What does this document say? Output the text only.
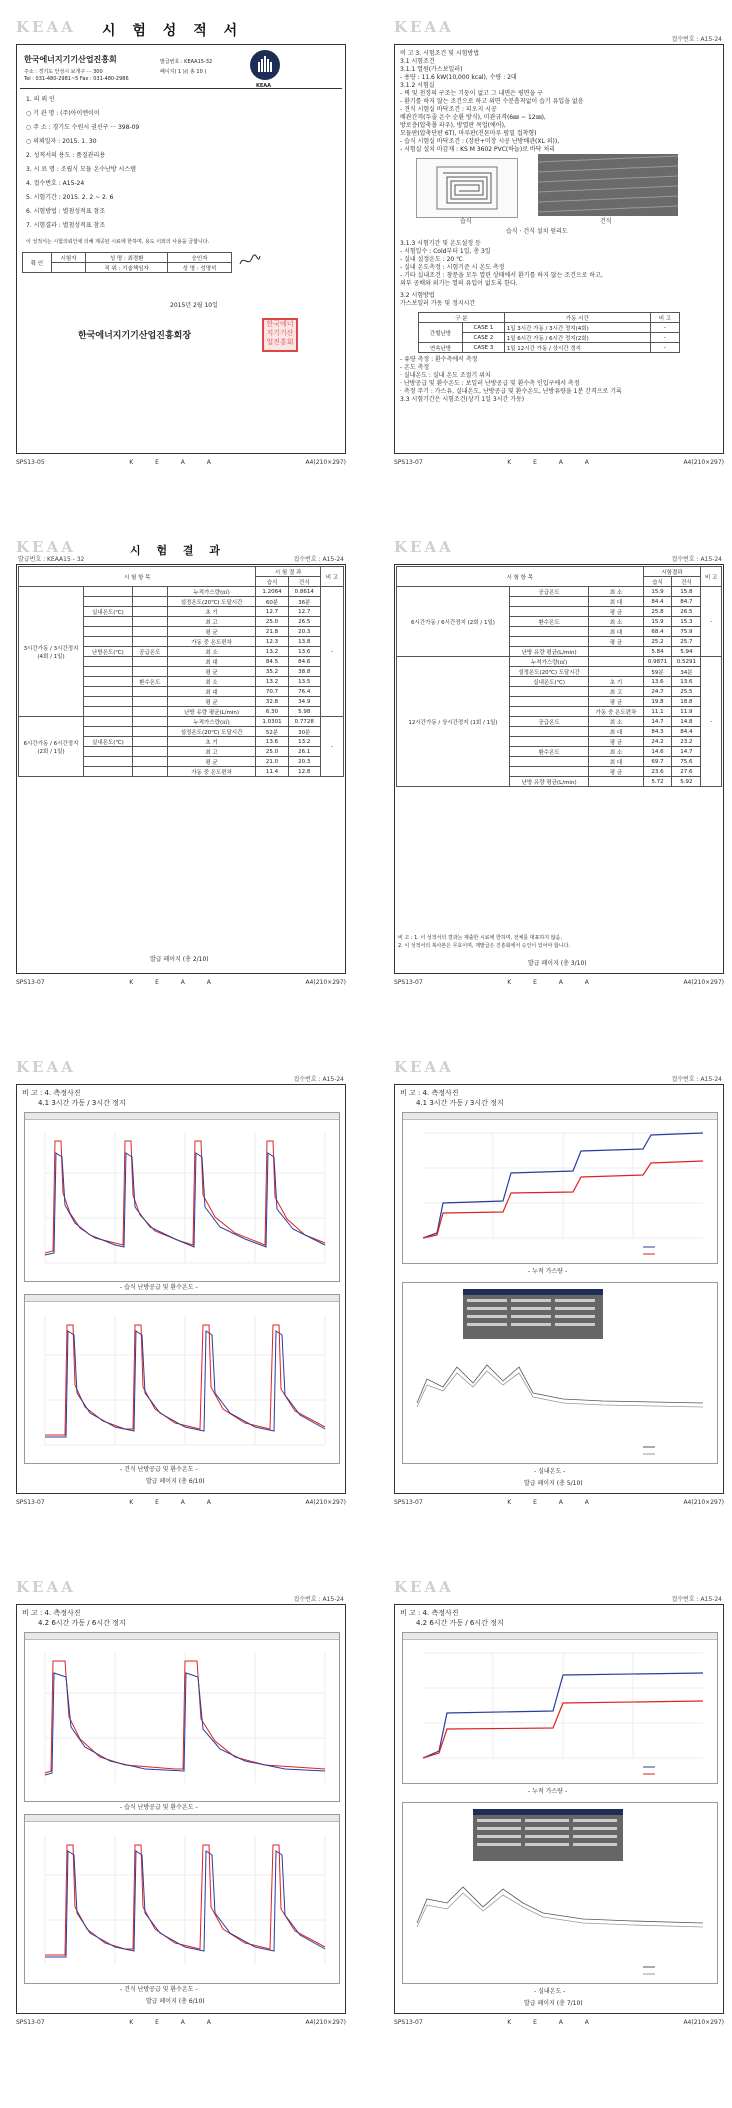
KEAA 시 험 성 적 서
한국에너지기기산업진흥회
주소 : 경기도 안성시 보개구 ··· 300
Tel : 031-480-2981~5 Fax : 031-480-2986
발급번호 : KEAA15-32
페이지( 1 )/( 총 10 )
KEAA
1. 의 뢰 인
○ 기 관 명 : (주)아이엔이이
○ 주 소 : 경기도 수원시 권선구 ··· 398-09
○ 의뢰일자 : 2015. 1. 30
2. 성적서의 용도 : 품질관리용
3. 시 료 명 : 조립식 모듈 온수난방 시스템
4. 접수번호 : A15-24
5. 시험기간 : 2015. 2. 2 ~ 2. 6
6. 시험방법 : 별첨성적표 참조
7. 시험결과 : 별첨성적표 참조
이 성적서는 시험의뢰인에 의해 제공된 시료에 한하며, 용도 이외의 사용을 금합니다.
확 인	시험자	성 명 : 최경환	승인자
		직 위 : 기술책임자	성 명 : 성명석
2015년 2월 10일
한국에너지기기산업진흥회장
한국에너 지기기산 업진흥회
SPS13-05	K E A A	A4(210×297)
KEAA
접수번호 : A15-24
비 고 3. 시험조건 및 시험방법
3.1 시험조건
3.1.1 열원(가스보일러)
- 용량 : 11.6 kW(10,000 kcal), 수량 : 2대
3.1.2 시험실
- 벽 및 천정의 구조는 기둥이 없고 그 내면은 평면을 구
- 환기를 하지 않는 조건으로 하고 외면 수분흡착없이 습기 유입을 없음
- 견식 시험실 바닥조건 : 피오지 시공
배관간격(두줄 온수 순환 방식), 미관규격(6㎜ ~ 12㎜),
방로층(압축폴 파우), 방열판 목업(에어),
모듈판(압축단판 6T), 마루판(진톤마루 펌밀 접착형)
- 습식 시험실 바닥조건 : (장판+미장 시공 난방배관(XL 외)),
- 시험실 설치 마감재 : KS M 3602 PVC(하늘)로 바닥 처리
습식	건식
습식 · 건식 설치 원리도
3.1.3 시험기간 및 온도설정 등
- 시험일수 : Cold부터 1일, 총 3일
- 실내 설정온도 : 20 ℃
- 실내 온도측정 : 시험기준 시 온도 측정
- 기타 실내조건 : 창문을 모두 열린 상태에서 환기를 하지 않는 조건으로 하고,
외부 공배와 외기는 열의 유입이 없도록 한다.
3.2 시험방법
가스보일러 가동 및 정지시간
구 분		가동 시간	비 고
간헐난방	CASE 1	1일 3시간 가동 / 3시간 정지(4회)	-
	CASE 2	1일 6시간 가동 / 6시간 정지(2회)	-
연속난방	CASE 3	1일 12시간 가동 / 상시간 정지	-
- 유량 측정 : 환수측에서 측정
- 온도 측정
· 실내온도 : 실내 온도 조절기 위치
· 난방공급 및 환수온도 : 보일러 난방공급 및 환수측 인입구에서 측정
· 측정 주기 : 가스유, 실내온도, 난방공급 및 환수온도, 난방유량을 1분 간격으로 기록
3.3 시험기간은 시험조건(상기 1일 3시간 가동)
SPS13-07	K E A A	A4(210×297)
KEAA	시 험 결 과
발급번호 : KEAA15 - 32	접수번호 : A15-24
시 험 항 목				시 험 결 과		비 고
				습식	건식	
3시간가동 / 3시간정지 (4회 / 1일)			누적가스량(㎥)	1.2064	0.8614	-
			설정온도(20℃) 도달시간	60분	36분	
	실내온도(℃)		초 기	12.7	12.7	
			최 고	25.0	26.5	
			평 균	21.8	20.3	
			가동 중 온도편차	12.3	13.8	
	난방온도(℃)	공급온도	최 소	13.2	13.6	
			최 대	84.5	84.6	
			평 균	35.2	38.8	
		환수온도	최 소	13.2	13.5	
			최 대	70.7	76.4	
			평 균	32.8	34.9	
			난방 유량 평균(L/min)	6.30	5.98	
6시간가동 / 6시간정지 (2회 / 1일)			누적가스량(㎥)	1.0301	0.7728	-
			설정온도(20℃) 도달시간	52분	30분	
	실내온도(℃)		초 기	13.6	13.2	
			최 고	25.0	26.1	
			평 균	21.0	20.3	
			가동 중 온도편차	11.4	12.8	
발급 페이지 (총 2/10)
SPS13-07	K E A A	A4(210×297)
KEAA
접수번호 : A15-24
시 험 항 목			시험결과		비 고
			습식	건식	
6시간가동 / 6시간정지 (2회 / 1일)	공급온도	최 소	15.9	15.8	-
		최 대	84.4	84.7	
		평 균	25.8	26.5	
	환수온도	최 소	15.9	15.3	
		최 대	68.4	75.9	
		평 균	25.2	25.7	
	난방 유량 평균(L/min)		5.84	5.94	
12시간가동 / 상시간정지 (1회 / 1일)	누적가스량(㎥)		0.9871	0.5291	-
	설정온도(20℃) 도달시간		59분	34분	
	실내온도(℃)	초 기	13.6	13.6	
		최 고	24.7	25.5	
		평 균	19.8	18.8	
		가동 중 온도편차	11.1	11.9	
	공급온도	최 소	14.7	14.8	
		최 대	84.3	84.4	
		평 균	24.2	23.2	
	환수온도	최 소	14.6	14.7	
		최 대	69.7	75.6	
		평 균	23.6	27.6	
	난방 유량 평균(L/min)		5.72	5.92	
비 고 : 1. 이 성적서의 결과는 제출한 시료에 한하며, 전체를 대표하지 않음.
2. 이 성적서의 복사본은 무효이며, 재발급은 진흥회에서 승인이 있어야 합니다.
발급 페이지 (총 3/10)
SPS13-07	K E A A	A4(210×297)
KEAA
접수번호 : A15-24
비 고 : 4. 측정사진
4.1 3시간 가동 / 3시간 정지
- 습식 난방공급 및 환수온도 -
- 건식 난방공급 및 환수온도 -
발급 페이지 (총 6/10)
SPS13-07	K E A A	A4(210×297)
KEAA
접수번호 : A15-24
비 고 : 4. 측정사진
4.1 3시간 가동 / 3시간 정지
- 누적 가스량 -
- 실내온도 -
발급 페이지 (총 5/10)
SPS13-07	K E A A	A4(210×297)
KEAA
접수번호 : A15-24
비 고 : 4. 측정사진
4.2 6시간 가동 / 6시간 정지
- 습식 난방공급 및 환수온도 -
- 건식 난방공급 및 환수온도 -
발급 페이지 (총 6/10)
SPS13-07	K E A A	A4(210×297)
KEAA
접수번호 : A15-24
비 고 : 4. 측정사진
4.2 6시간 가동 / 6시간 정지
- 누적 가스량 -
- 실내온도 -
발급 페이지 (총 7/10)
SPS13-07	K E A A	A4(210×297)
